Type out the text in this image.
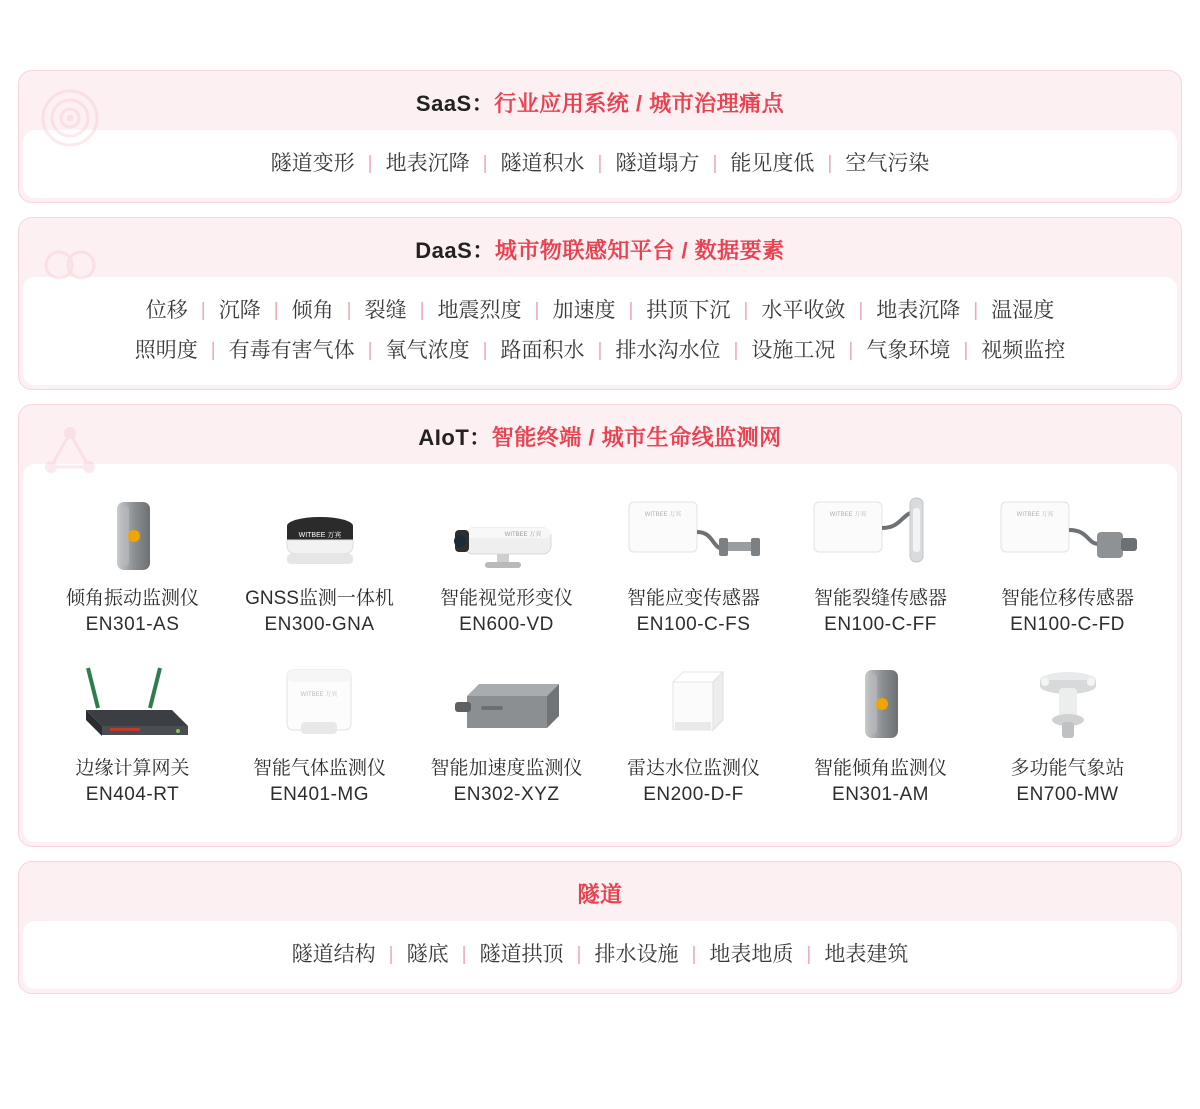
SaaS：行业应用系统 / 城市治理痛点
隧道变形 | 地表沉降 | 隧道积水 | 隧道塌方 | 能见度低 | 空气污染
DaaS：城市物联感知平台 / 数据要素
位移 | 沉降 | 倾角 | 裂缝 | 地震烈度 | 加速度 | 拱顶下沉 | 水平收敛 | 地表沉降 | 温湿度
照明度 | 有毒有害气体 | 氧气浓度 | 路面积水 | 排水沟水位 | 设施工况 | 气象环境 | 视频监控
AIoT：智能终端 / 城市生命线监测网
倾角振动监测仪
EN301-AS
WITBEE 万宾
GNSS监测一体机
EN300-GNA
WITBEE 万宾
智能视觉形变仪
EN600-VD
WITBEE 万宾
智能应变传感器
EN100-C-FS
WITBEE 万宾
智能裂缝传感器
EN100-C-FF
WITBEE 万宾
智能位移传感器
EN100-C-FD
边缘计算网关
EN404-RT
WITBEE 万宾
智能气体监测仪
EN401-MG
智能加速度监测仪
EN302-XYZ
雷达水位监测仪
EN200-D-F
智能倾角监测仪
EN301-AM
多功能气象站
EN700-MW
隧道
隧道结构 | 隧底 | 隧道拱顶 | 排水设施 | 地表地质 | 地表建筑
